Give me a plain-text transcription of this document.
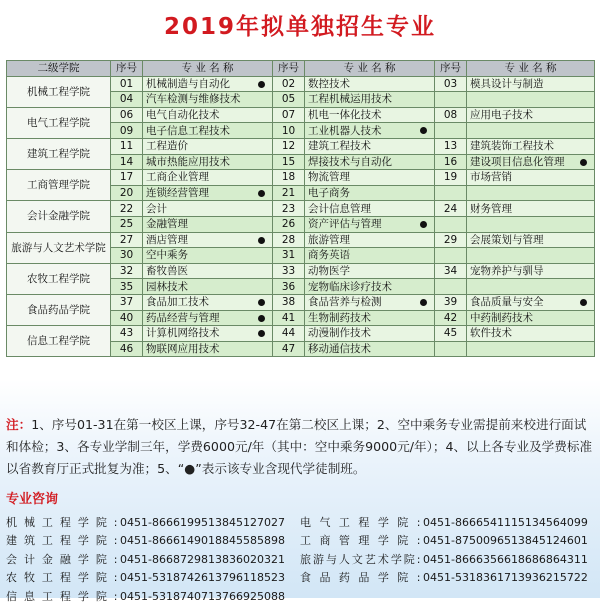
2019年拟单独招生专业
二级学院	序号	专 业 名 称	序号	专 业 名 称	序号	专 业 名 称
机械工程学院	01	机械制造与自动化	02	数控技术	03	模具设计与制造
	04	汽车检测与维修技术	05	工程机械运用技术		
电气工程学院	06	电气自动化技术	07	机电一体化技术	08	应用电子技术
	09	电子信息工程技术	10	工业机器人技术

建筑工程学院	11	工程造价	12	建筑工程技术	13	建筑装饰工程技术
	14	城市热能应用技术	15	焊接技术与自动化	16	建设项目信息化管理

工商管理学院	17	工商企业管理	18	物流管理	19	市场营销
	20	连锁经营管理	21	电子商务		
会计金融学院	22	会计	23	会计信息管理	24	财务管理
	25	金融管理	26	资产评估与管理

旅游与人文艺术学院	27	酒店管理	28	旅游管理	29	会展策划与管理
	30	空中乘务	31	商务英语		
农牧工程学院	32	畜牧兽医	33	动物医学	34	宠物养护与驯导
	35	园林技术	36	宠物临床诊疗技术		
食品药品学院	37	食品加工技术	38	食品营养与检测	39	食品质量与安全

	40	药品经营与管理	41	生物制药技术	42	中药制药技术
信息工程学院	43	计算机网络技术	44	动漫制作技术	45	软件技术
	46	物联网应用技术	47	移动通信技术		
注：1、序号01-31在第一校区上课，序号32-47在第二校区上课；2、空中乘务专业需提前来校进行面试和体检；3、各专业学制三年，学费6000元/年（其中：空中乘务9000元/年）；4、以上各专业及学费标准以省教育厅正式批复为准；5、“●”表示该专业含现代学徒制班。
专业咨询
机械工程学院: 0451-86661995 13845127027	电气工程学院: 0451-86665411 15134564099
建筑工程学院: 0451-86661490 18845585898	工商管理学院: 0451-87500965 13845124601
会计金融学院: 0451-86687298 13836020321	旅游与人文艺术学院: 0451-86663566 18686864311
农牧工程学院: 0451-53187426 13796118523	食品药品学院: 0451-53183617 13936215722
信息工程学院: 0451-53187407 13766925088
